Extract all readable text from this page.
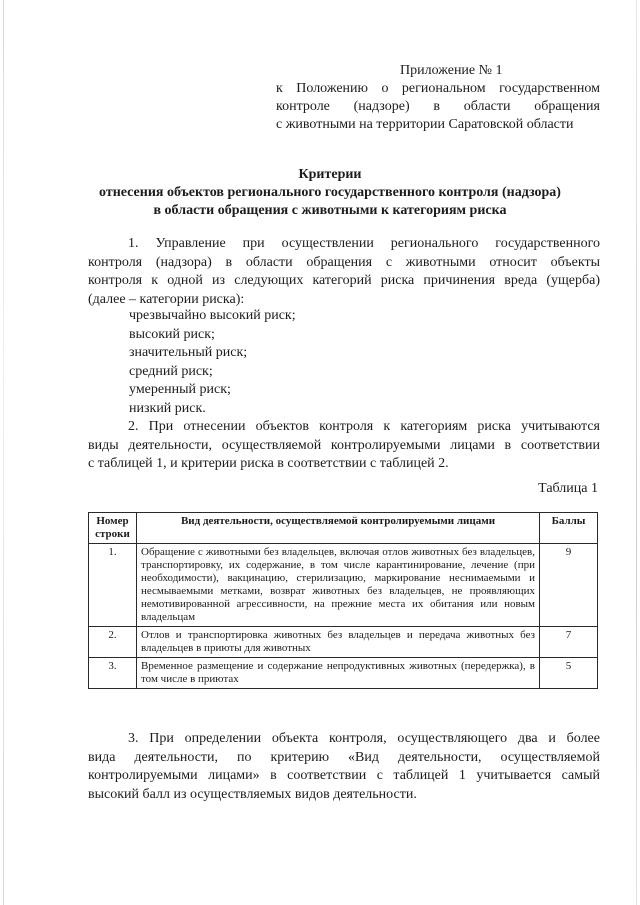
Приложение № 1
к Положению о региональном государственном
контроле (надзоре) в области обращения
с животными на территории Саратовской области
Критерии
отнесения объектов регионального государственного контроля (надзора)
в области обращения с животными к категориям риска
1. Управление при осуществлении регионального государственного
контроля (надзора) в области обращения с животными относит объекты
контроля к одной из следующих категорий риска причинения вреда (ущерба)
(далее – категории риска):
чрезвычайно высокий риск;
высокий риск;
значительный риск;
средний риск;
умеренный риск;
низкий риск.
2. При отнесении объектов контроля к категориям риска учитываются
виды деятельности, осуществляемой контролируемыми лицами в соответствии
с таблицей 1, и критерии риска в соответствии с таблицей 2.
Таблица 1
Номер строки	Вид деятельности, осуществляемой контролируемыми лицами	Баллы
1.	Обращение с животными без владельцев, включая отлов животных без владельцев, транспортировку, их содержание, в том числе карантинирование, лечение (при необходимости), вакцинацию, стерилизацию, маркирование неснимаемыми и несмываемыми метками, возврат животных без владельцев, не проявляющих немотивированной агрессивности, на прежние места их обитания или новым владельцам	9
2.	Отлов и транспортировка животных без владельцев и передача животных без владельцев в приюты для животных	7
3.	Временное размещение и содержание непродуктивных животных (передержка), в том числе в приютах	5
3. При определении объекта контроля, осуществляющего два и более
вида деятельности, по критерию «Вид деятельности, осуществляемой
контролируемыми лицами» в соответствии с таблицей 1 учитывается самый
высокий балл из осуществляемых видов деятельности.
